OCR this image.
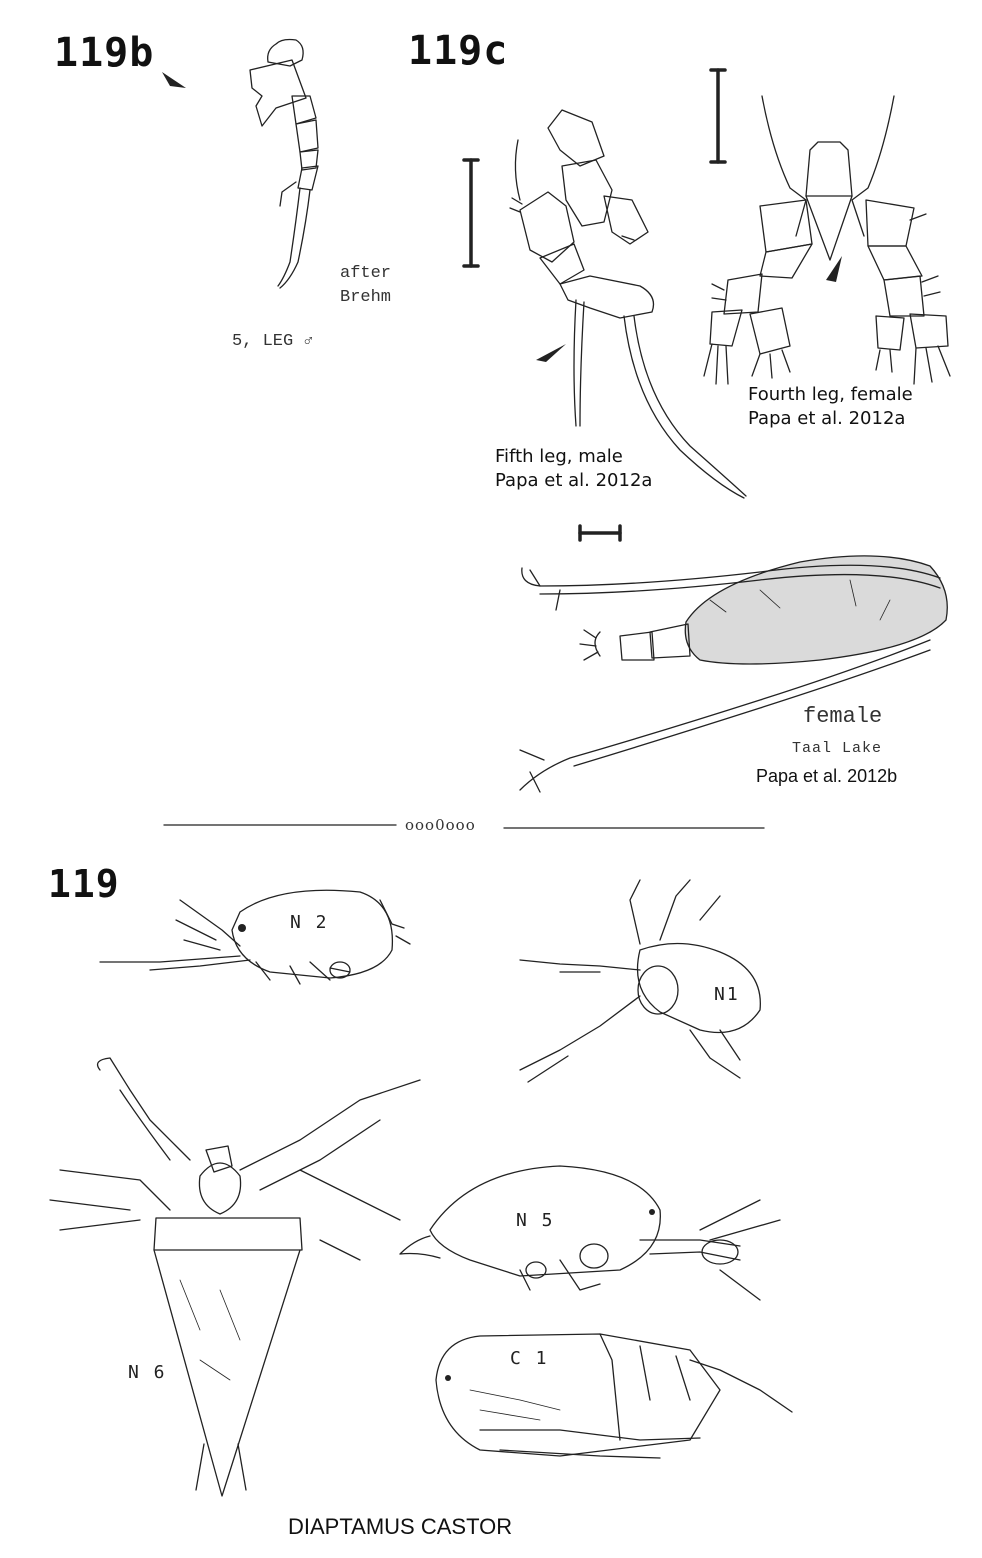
119b
after
Brehm
5, LEG ♂
119c
Fourth leg, female
Papa et al. 2012a
Fifth leg, male
Papa et al. 2012a
female
Taal Lake
Papa et al. 2012b
ooo0ooo
119
N 2
N1
N 5
N 6
C 1
DIAPTAMUS CASTOR
